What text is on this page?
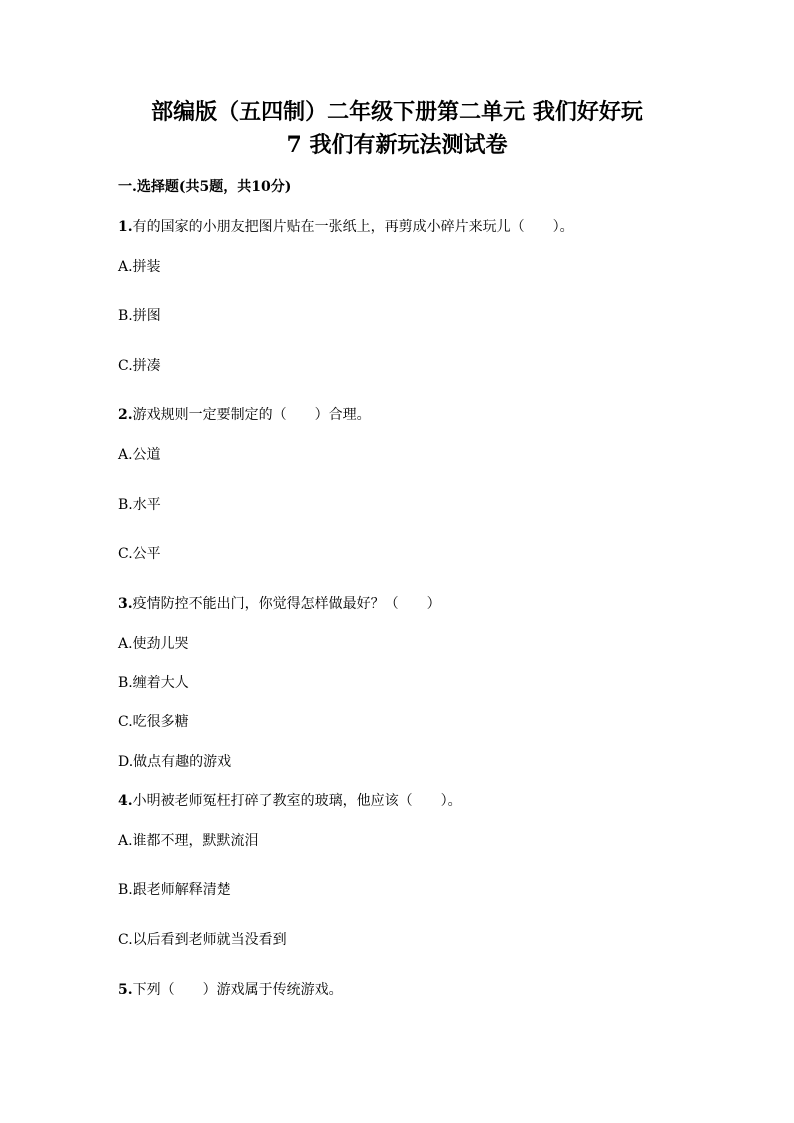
部编版（五四制）二年级下册第二单元 我们好好玩
7 我们有新玩法测试卷
一.选择题(共5题，共10分)
1.有的国家的小朋友把图片贴在一张纸上，再剪成小碎片来玩儿（　　）。
A.拼装
B.拼图
C.拼凑
2.游戏规则一定要制定的（　　）合理。
A.公道
B.水平
C.公平
3.疫情防控不能出门，你觉得怎样做最好？（　　）
A.使劲儿哭
B.缠着大人
C.吃很多糖
D.做点有趣的游戏
4.小明被老师冤枉打碎了教室的玻璃，他应该（　　）。
A.谁都不理，默默流泪
B.跟老师解释清楚
C.以后看到老师就当没看到
5.下列（　　）游戏属于传统游戏。
